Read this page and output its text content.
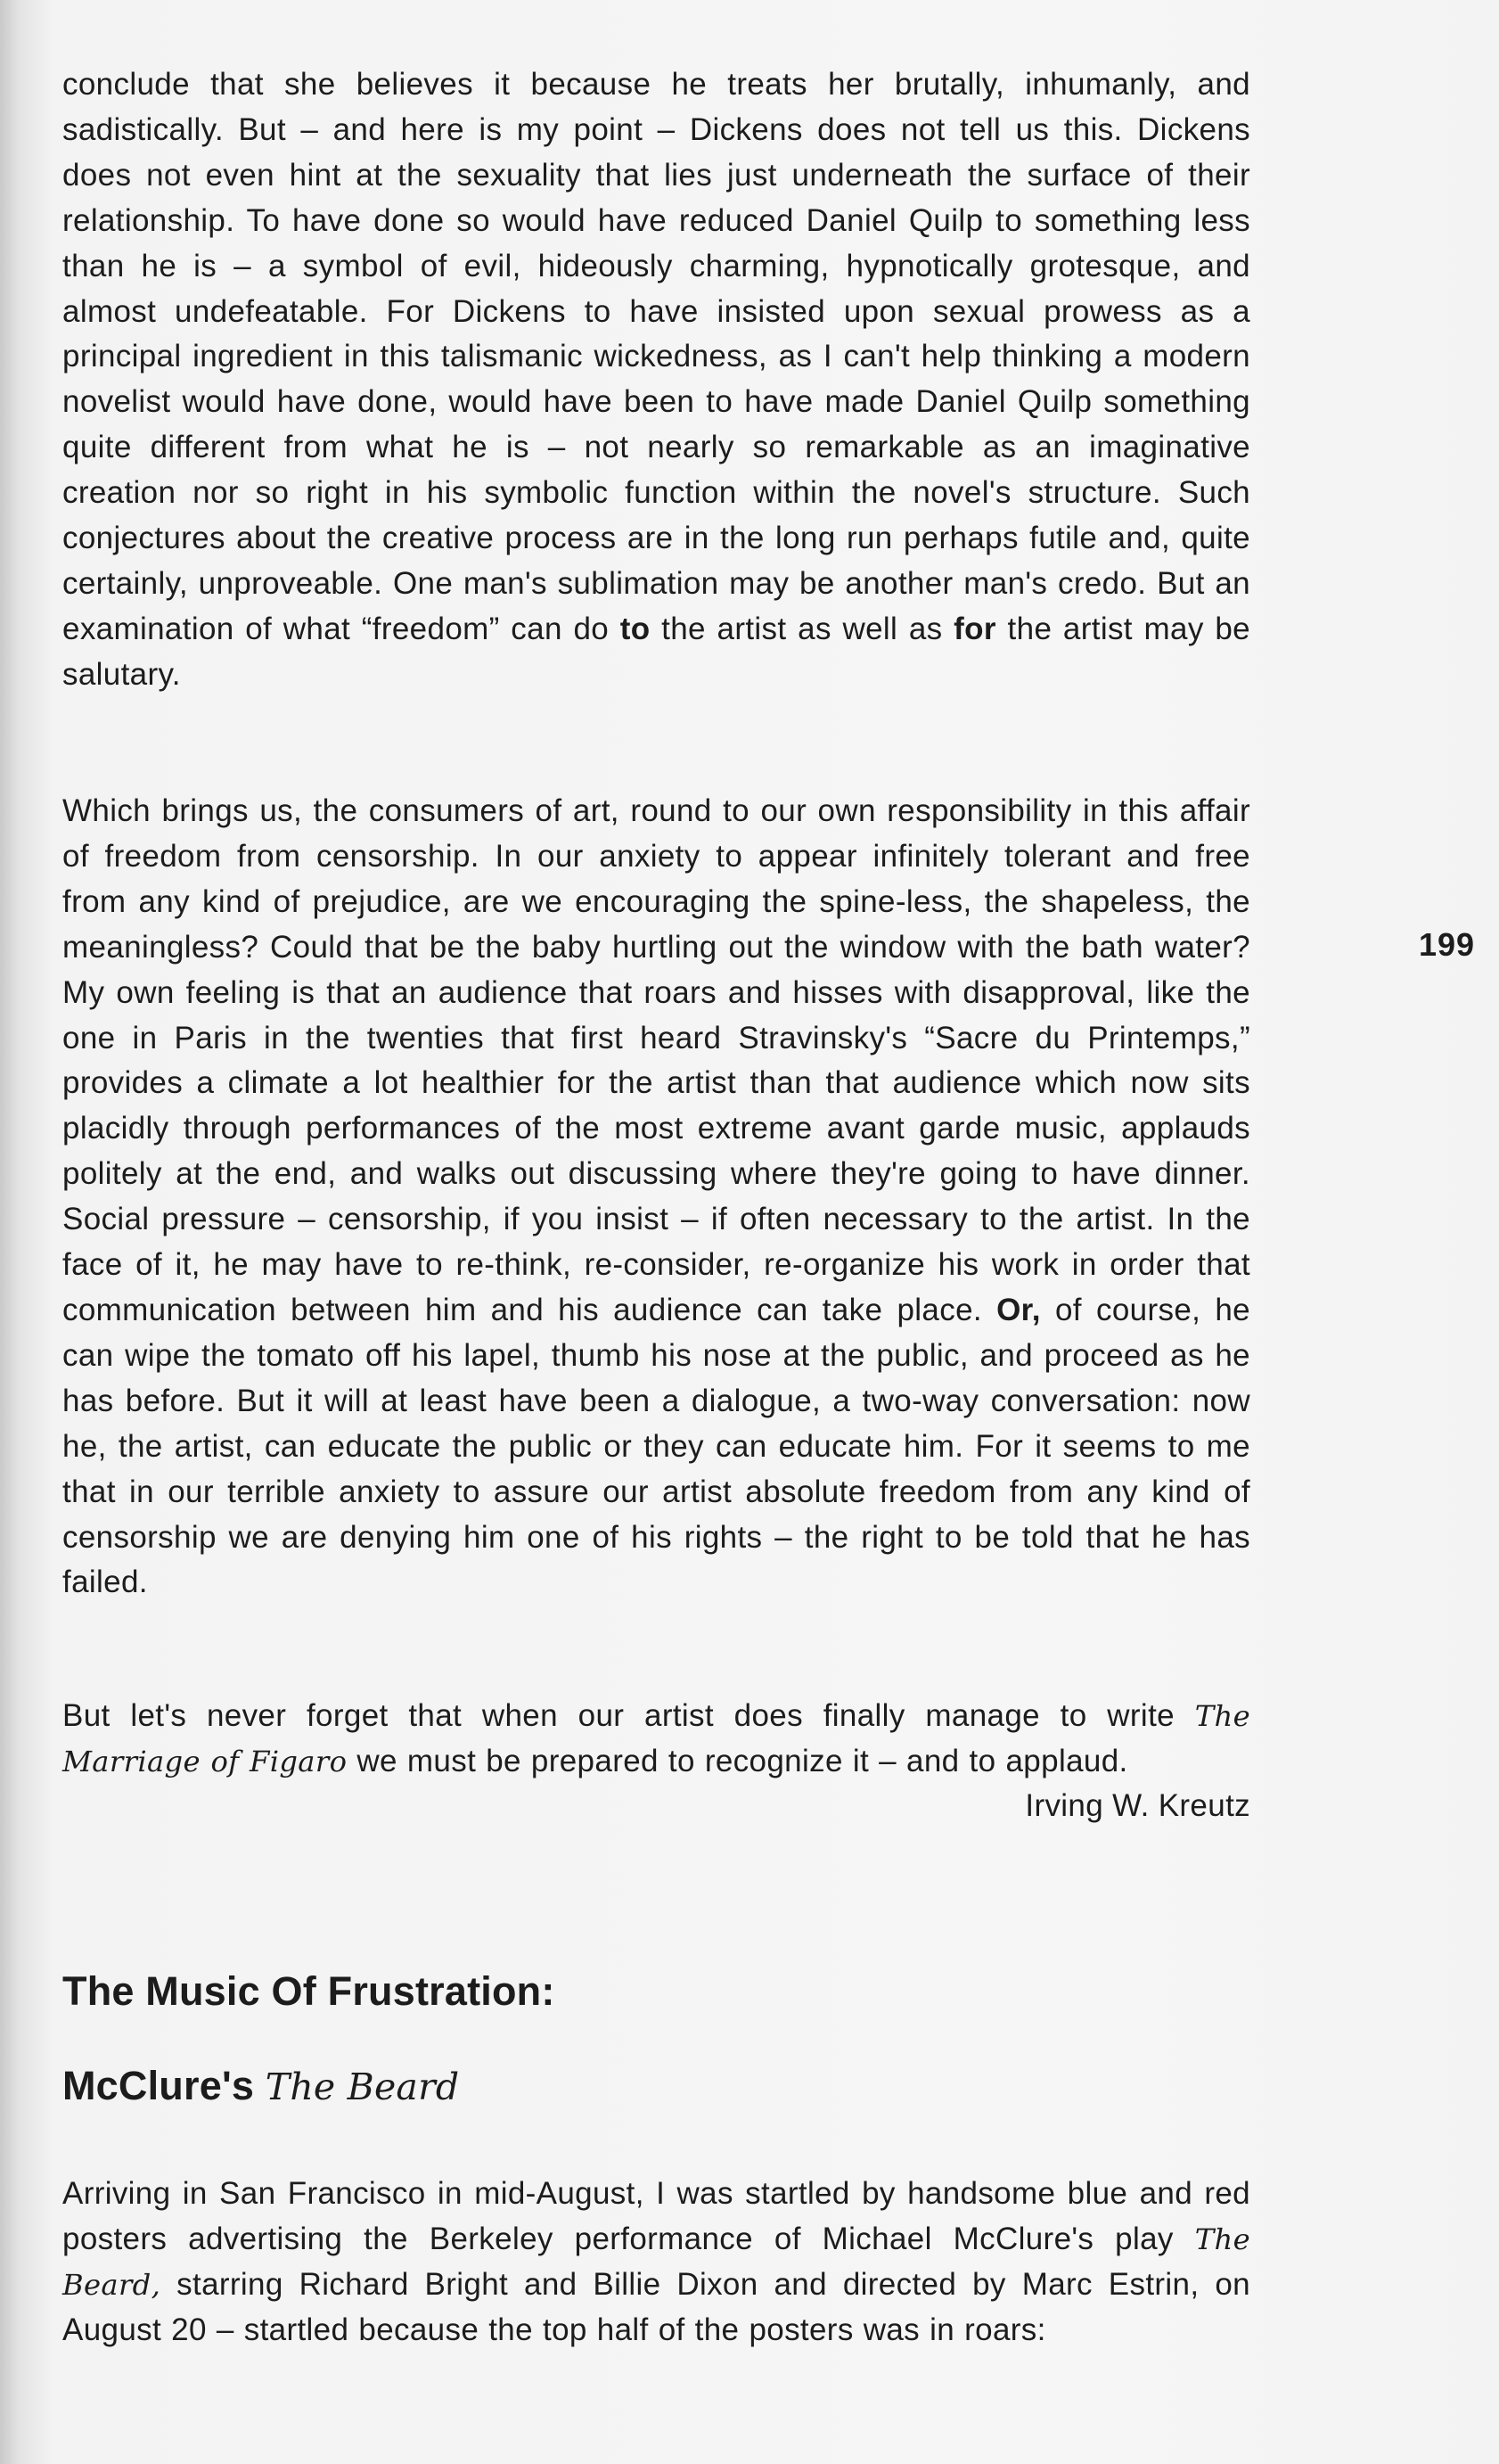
conclude that she believes it because he treats her brutally, inhumanly, and sadistically. But – and here is my point – Dickens does not tell us this. Dickens does not even hint at the sexuality that lies just underneath the surface of their relationship. To have done so would have reduced Daniel Quilp to something less than he is – a symbol of evil, hideously charming, hypnotically grotesque, and almost undefeatable. For Dickens to have insisted upon sexual prowess as a principal ingredient in this talismanic wickedness, as I can't help thinking a modern novelist would have done, would have been to have made Daniel Quilp something quite different from what he is – not nearly so remarkable as an imaginative creation nor so right in his symbolic function within the novel's structure. Such conjectures about the creative process are in the long run perhaps futile and, quite certainly, unproveable. One man's sublimation may be another man's credo. But an examination of what “freedom” can do to the artist as well as for the artist may be salutary.

Which brings us, the consumers of art, round to our own responsibility in this affair of freedom from censorship. In our anxiety to appear infinitely tolerant and free from any kind of prejudice, are we encouraging the spine-less, the shapeless, the meaningless? Could that be the baby hurtling out the window with the bath water? My own feeling is that an audience that roars and hisses with disapproval, like the one in Paris in the twenties that first heard Stravinsky's “Sacre du Printemps,” provides a climate a lot healthier for the artist than that audience which now sits placidly through performances of the most extreme avant garde music, applauds politely at the end, and walks out discussing where they're going to have dinner. Social pressure – censorship, if you insist – if often necessary to the artist. In the face of it, he may have to re-think, re-consider, re-organize his work in order that communication between him and his audience can take place. Or, of course, he can wipe the tomato off his lapel, thumb his nose at the public, and proceed as he has before. But it will at least have been a dialogue, a two-way conversation: now he, the artist, can educate the public or they can educate him. For it seems to me that in our terrible anxiety to assure our artist absolute freedom from any kind of censorship we are denying him one of his rights – the right to be told that he has failed.

199

But let's never forget that when our artist does finally manage to write The Marriage of Figaro we must be prepared to recognize it – and to applaud.

Irving W. Kreutz
The Music Of Frustration:
McClure's The Beard

Arriving in San Francisco in mid-August, I was startled by handsome blue and red posters advertising the Berkeley performance of Michael McClure's play The Beard, starring Richard Bright and Billie Dixon and directed by Marc Estrin, on August 20 – startled because the top half of the posters was in roars:
